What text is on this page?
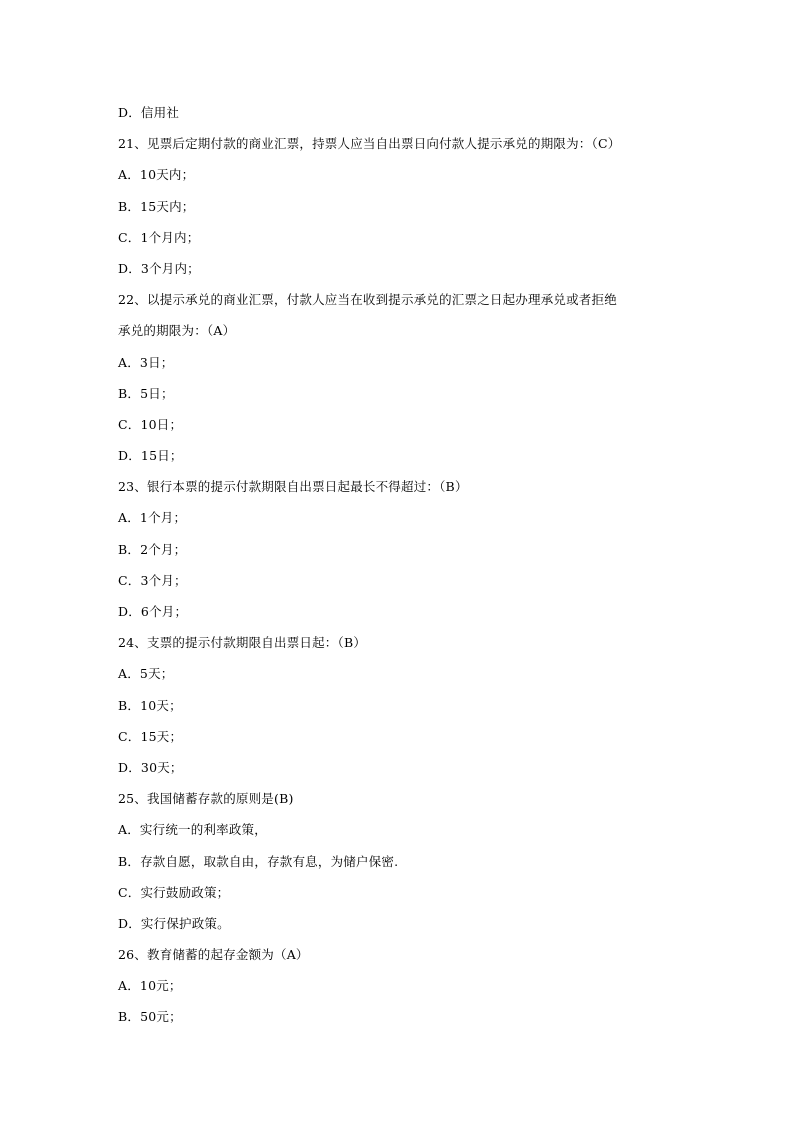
D．信用社
21、见票后定期付款的商业汇票，持票人应当自出票日向付款人提示承兑的期限为：（C）
A．10天内；
B．15天内；
C．1个月内；
D．3个月内；
22、以提示承兑的商业汇票，付款人应当在收到提示承兑的汇票之日起办理承兑或者拒绝
承兑的期限为：（A）
A．3日；
B．5日；
C．10日；
D．15日；
23、银行本票的提示付款期限自出票日起最长不得超过：（B）
A．1个月；
B．2个月；
C．3个月；
D．6个月；
24、支票的提示付款期限自出票日起：（B）
A．5天；
B．10天；
C．15天；
D．30天；
25、我国储蓄存款的原则是(B)
A．实行统一的利率政策，
B．存款自愿，取款自由，存款有息，为储户保密.
C．实行鼓励政策；
D．实行保护政策。
26、教育储蓄的起存金额为（A）
A．10元；
B．50元；
